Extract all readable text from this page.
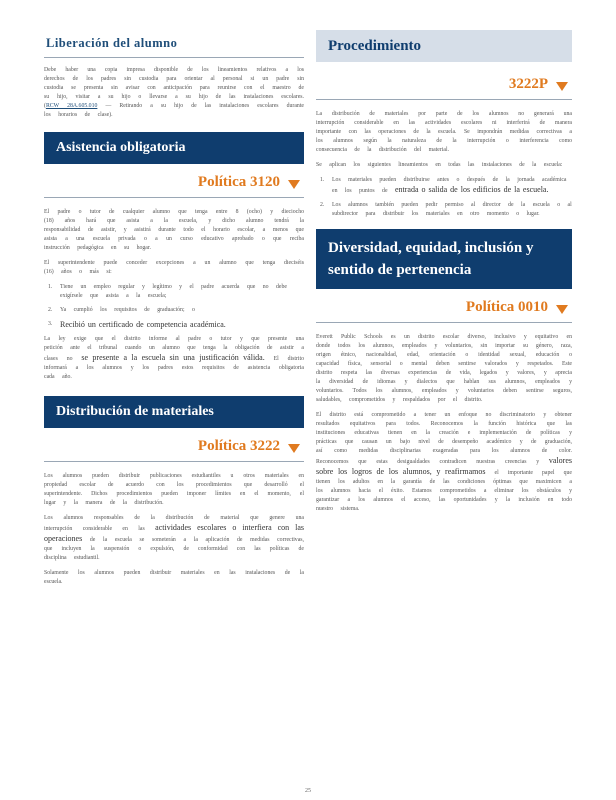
Liberación del alumno

Debe haber una copia impresa disponible de los lineamientos relativos a los derechos de los padres sin custodia para orientar al personal si un padre sin custodia se presenta sin avisar con anticipación para reunirse con el maestro de su hijo, visitar a su hijo o llevarse a su hijo de las instalaciones escolares. (RCW 28A.605.010 — Retirando a su hijo de las instalaciones escolares durante los horarios de clase).

Asistencia obligatoria
Política 3120

El padre o tutor de cualquier alumno que tenga entre 8 (ocho) y dieciocho (18) años hará que asista a la escuela, y dicho alumno tendrá la responsabilidad de asistir, y asistirá durante todo el horario escolar, a menos que asista a una escuela privada o a un curso educativo aprobado o que reciba instrucción pedagógica en su hogar.

El superintendente puede conceder excepciones a un alumno que tenga dieciséis (16) años o más si:

1.	Tiene un empleo regular y legítimo y el padre acuerda que no debe exigírsele que asista a la escuela;
2.	Ya cumplió los requisitos de graduación; o
3. Recibió un certificado de competencia académica.

La ley exige que el distrito informe al padre o tutor y que presente una petición ante el tribunal cuando un alumno que tenga la obligación de asistir a clases no se presente a la escuela sin una justificación válida. El distrito informará a los alumnos y los padres estos requisitos de asistencia obligatoria cada año.

Distribución de materiales
Política 3222

Los alumnos pueden distribuir publicaciones estudiantiles u otros materiales en propiedad escolar de acuerdo con los procedimientos que desarrolló el superintendente. Dichos procedimientos pueden imponer límites en el momento, el lugar y la manera de la distribución.

Los alumnos responsables de la distribución de material que genere una interrupción considerable en las actividades escolares o interfiera con las operaciones de la escuela se someterán a la aplicación de medidas correctivas, que incluyen la suspensión o expulsión, de conformidad con las políticas de disciplina estudiantil.

Solamente los alumnos pueden distribuir materiales en las instalaciones de la escuela.

Procedimiento
3222P

La distribución de materiales por parte de los alumnos no generará una interrupción considerable en las actividades escolares ni interferirá de manera importante con las operaciones de la escuela. Se impondrán medidas correctivas a los alumnos según la naturaleza de la interrupción o interferencia como consecuencia de la distribución del material.

Se aplican los siguientes lineamientos en todas las instalaciones de la escuela:

1.	Los materiales pueden distribuirse antes o después de la jornada académica en los puntos de entrada o salida de los edificios de la escuela.
2.	Los alumnos también pueden pedir permiso al director de la escuela o al subdirector para distribuir los materiales en otro momento o lugar.
Diversidad, equidad, inclusión y
sentido de pertenencia
Política 0010

Everett Public Schools es un distrito escolar diverso, inclusivo y equitativo en donde todos los alumnos, empleados y voluntarios, sin importar su género, raza, origen étnico, nacionalidad, edad, orientación o identidad sexual, educación o capacidad física, sensorial o mental deben sentirse valorados y respetados. Este distrito respeta las diversas experiencias de vida, legados y valores, y aprecia la diversidad de idiomas y dialectos que hablan sus alumnos, empleados y voluntarios. Todos los alumnos, empleados y voluntarios deben sentirse seguros, saludables, comprometidos y respaldados por el distrito.

El distrito está comprometido a tener un enfoque no discriminatorio y obtener resultados equitativos para todos. Reconocemos la función histórica que las instituciones educativas tienen en la creación e implementación de políticas y prácticas que causan un bajo nivel de desempeño académico y de graduación, así como medidas disciplinarias exageradas para los alumnos de color. Reconocemos que estas desigualdades contradicen nuestras creencias y valores sobre los logros de los alumnos, y reafirmamos el importante papel que tienen los adultos en la garantía de las condiciones óptimas que maximicen a los alumnos hacia el éxito. Estamos comprometidos a eliminar los obstáculos y garantizar a los alumnos el acceso, las oportunidades y la inclusión en todo nuestro sistema.

25
